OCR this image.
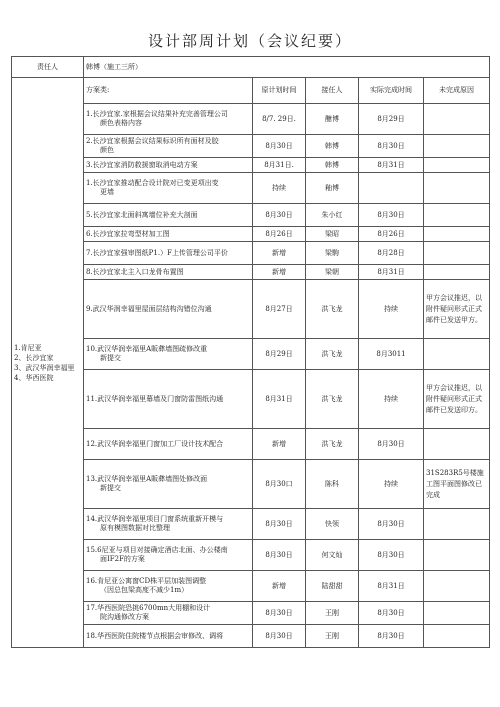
设计部周计划（会议纪要）
责任人	韩博（施工三所）				

1.肯尼亚
2、长沙宜家
3、武汉华润幸福里
4、华西医院	方案类:	原计划时间	接任人	实际完成时间	未完成原因
	1.长沙宜家.家根据会议结果补充完善管理公司
颜色表格内容	8/7. 29日.	醣博	8月29日	
	2.长沙宜家根据会议结果标识所有面材及胶
颜色	8月30日	韩博	8月30日	
	3.长沙宜家消防救援窗取消电动方案	8月31日.	韩博	8月31日	
	1.长沙宜家推动配合设计院对已变更项出变
更墙	持续	釉博		
	5.长沙宜家北面斜寓墙位补充大剖面	8月30日	朱小红	8月30日	
	6.长沙宜家拉弯型材加工图	8月26日	梁昭	8月26日	
	7.长沙宜家强审图纸P1.）F上传管理公司平价	新增	梁駒	8月28日	
	8.长沙宜家北主入口龙骨布置图	新增	梁朝	8月31日	
	9.武汉华润幸福里屋面层结构沟错位沟通	8月27日	洪飞龙	持续	甲方会议推迟，以附件疑问形式正式邮件已发送甲方。
	10.武汉华润幸福里A販彝墙图疏修改重
新提交	8月29日	洪飞龙	8月3011	
	11.武汉华润幸福里幕墙及门窗防雷图纸沟通	8月31日	洪飞龙	持续	甲方会议推迟，以附件疑问形式正式邮件已发送印方。
	12.武汉华润幸福里门窗加工厂设计技术配合	新增	洪飞龙	8月30日	
	13.武汉华润幸福里A販彝墙图处修改面
新提交	8月30口	陈科	持续	31S283R5号楼施工图平面图修改已完成
	14.武汉华润幸福里项目门窗系统重新开模与
原有模图数据对比整理	8月30日	快领	8月30日	
	15.6尼亚与项目对接确定酒店北面、办公楼南
面IF2F的方案	8月30日	何文灿	8月30日	
	16.肯尼亚公寓窗CD株平层加装图调整
（因总包梁高度不减少1m）	新增	陆甜甜	8月31日	
	17.华西医院恐挑6700mn大用棚和设计
院沟通修改方案	8月30日	王刚	8月30日	
	18.华西医院住院楼节点根据会审修改、调将	8月30日	王刚	8月30日	
